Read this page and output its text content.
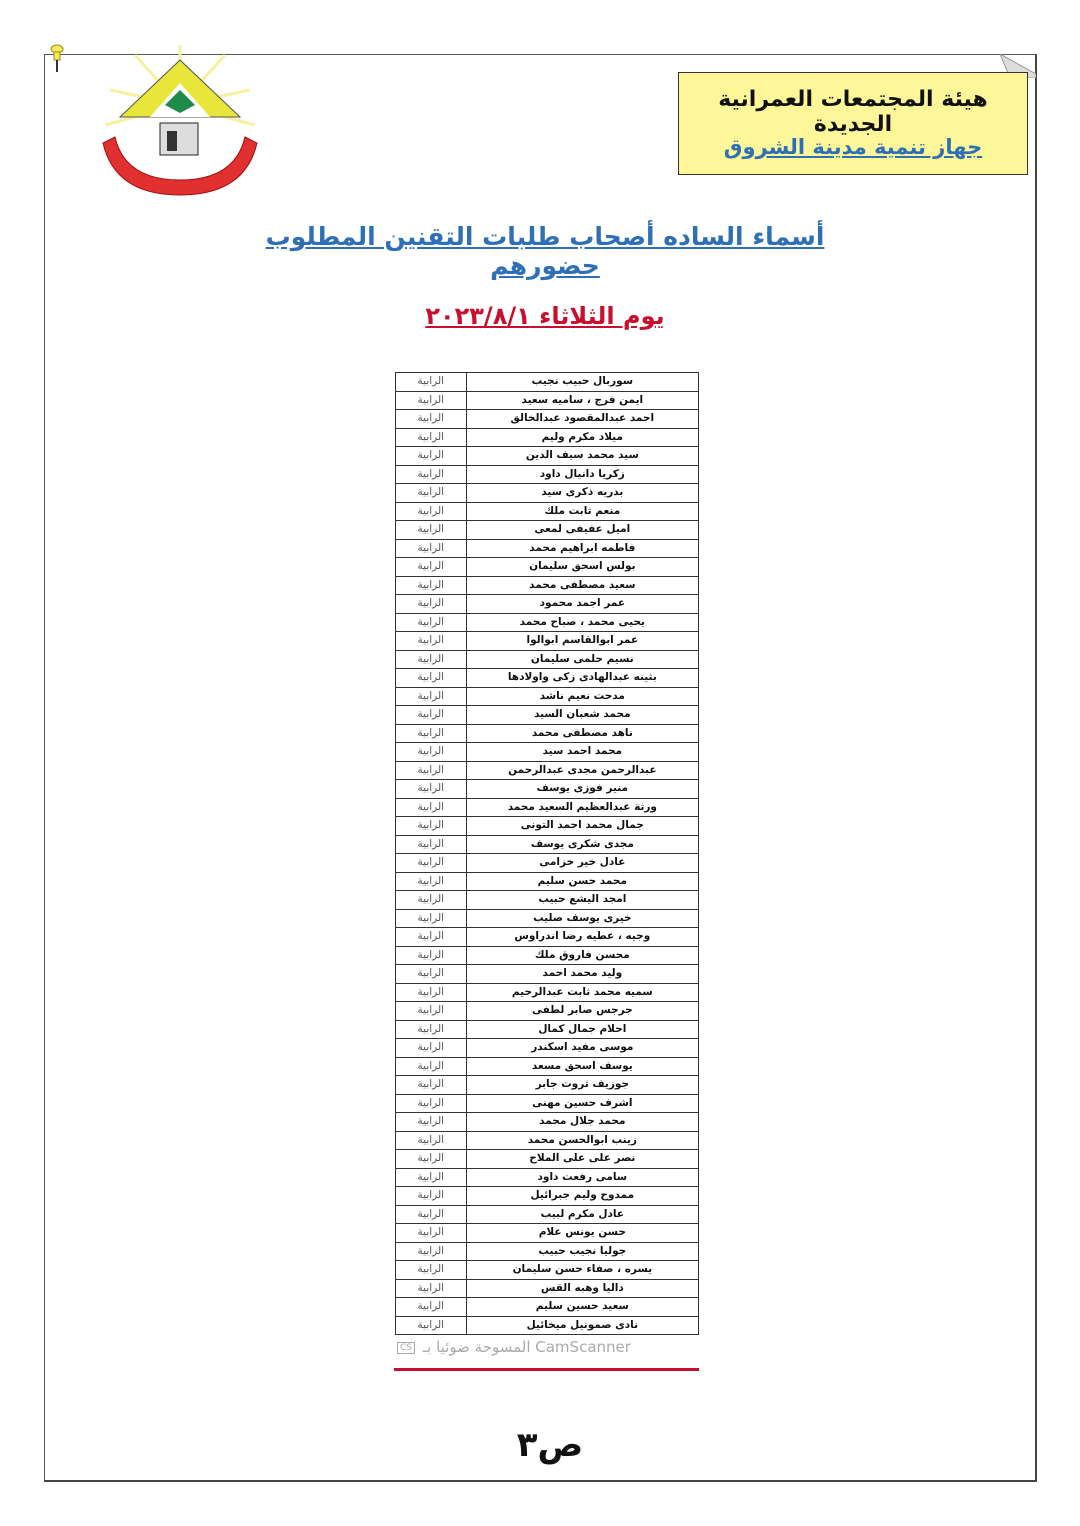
هيئة المجتمعات العمرانية الجديدة
جهاز تنمية مدينة الشروق
أسماء الساده أصحاب طلبات التقنين المطلوب حضورهم
يوم الثلاثاء ٢٠٢٣/٨/١
سوربال حبيب نجيب	الرابية
ايمن فرج ، ساميه سعيد	الرابية
احمد عبدالمقصود عبدالخالق	الرابية
ميلاد مكرم ولیم	الرابية
سيد محمد سيف الدين	الرابية
زكريا دانيال داود	الرابية
بدريه ذكرى سيد	الرابية
منعم ثابت ملك	الرابية
اميل عفيفى لمعى	الرابية
فاطمه ابراهيم محمد	الرابية
بولس اسحق سليمان	الرابية
سعيد مصطفى محمد	الرابية
عمر اجمد محمود	الرابية
يحيى محمد ، صباح محمد	الرابية
عمر ابوالقاسم ابوالوا	الرابية
نسيم حلمى سليمان	الرابية
بثينه عبدالهادى زكى واولادها	الرابية
مدحت نعيم ناشد	الرابية
محمد شعبان السيد	الرابية
ناهد مصطفى محمد	الرابية
محمد احمد سيد	الرابية
عبدالرحمن مجدى عبدالرحمن	الرابية
منير فوزى يوسف	الرابية
ورثة عبدالعظيم السعيد محمد	الرابية
جمال محمد احمد التونى	الرابية
مجدى شكرى يوسف	الرابية
عادل خير خزامى	الرابية
محمد حسن سليم	الرابية
امجد اليشع حبيب	الرابية
خيرى يوسف صليب	الرابية
وجيه ، عطيه رضا اندراوس	الرابية
محسن فاروق ملك	الرابية
وليد محمد احمد	الرابية
سميه محمد ثابت عبدالرحيم	الرابية
جرجس صابر لطفى	الرابية
احلام جمال كمال	الرابية
موسى مفيد اسكندر	الرابية
يوسف اسحق مسعد	الرابية
جوزيف ثروت جابر	الرابية
اشرف حسين مهنى	الرابية
محمد جلال محمد	الرابية
زينب ابوالحسن محمد	الرابية
نصر على على الملاح	الرابية
سامى رفعت داود	الرابية
ممدوح وليم جبرائيل	الرابية
عادل مكرم لبيب	الرابية
حسن يونس علام	الرابية
جوليا نجيب حبيب	الرابية
يسره ، صفاء حسن سليمان	الرابية
داليا وهبه القس	الرابية
سعيد حسين سليم	الرابية
نادى صمونيل ميخائيل	الرابية
CS المسوحة ضوئيا بـ CamScanner
ص٣
